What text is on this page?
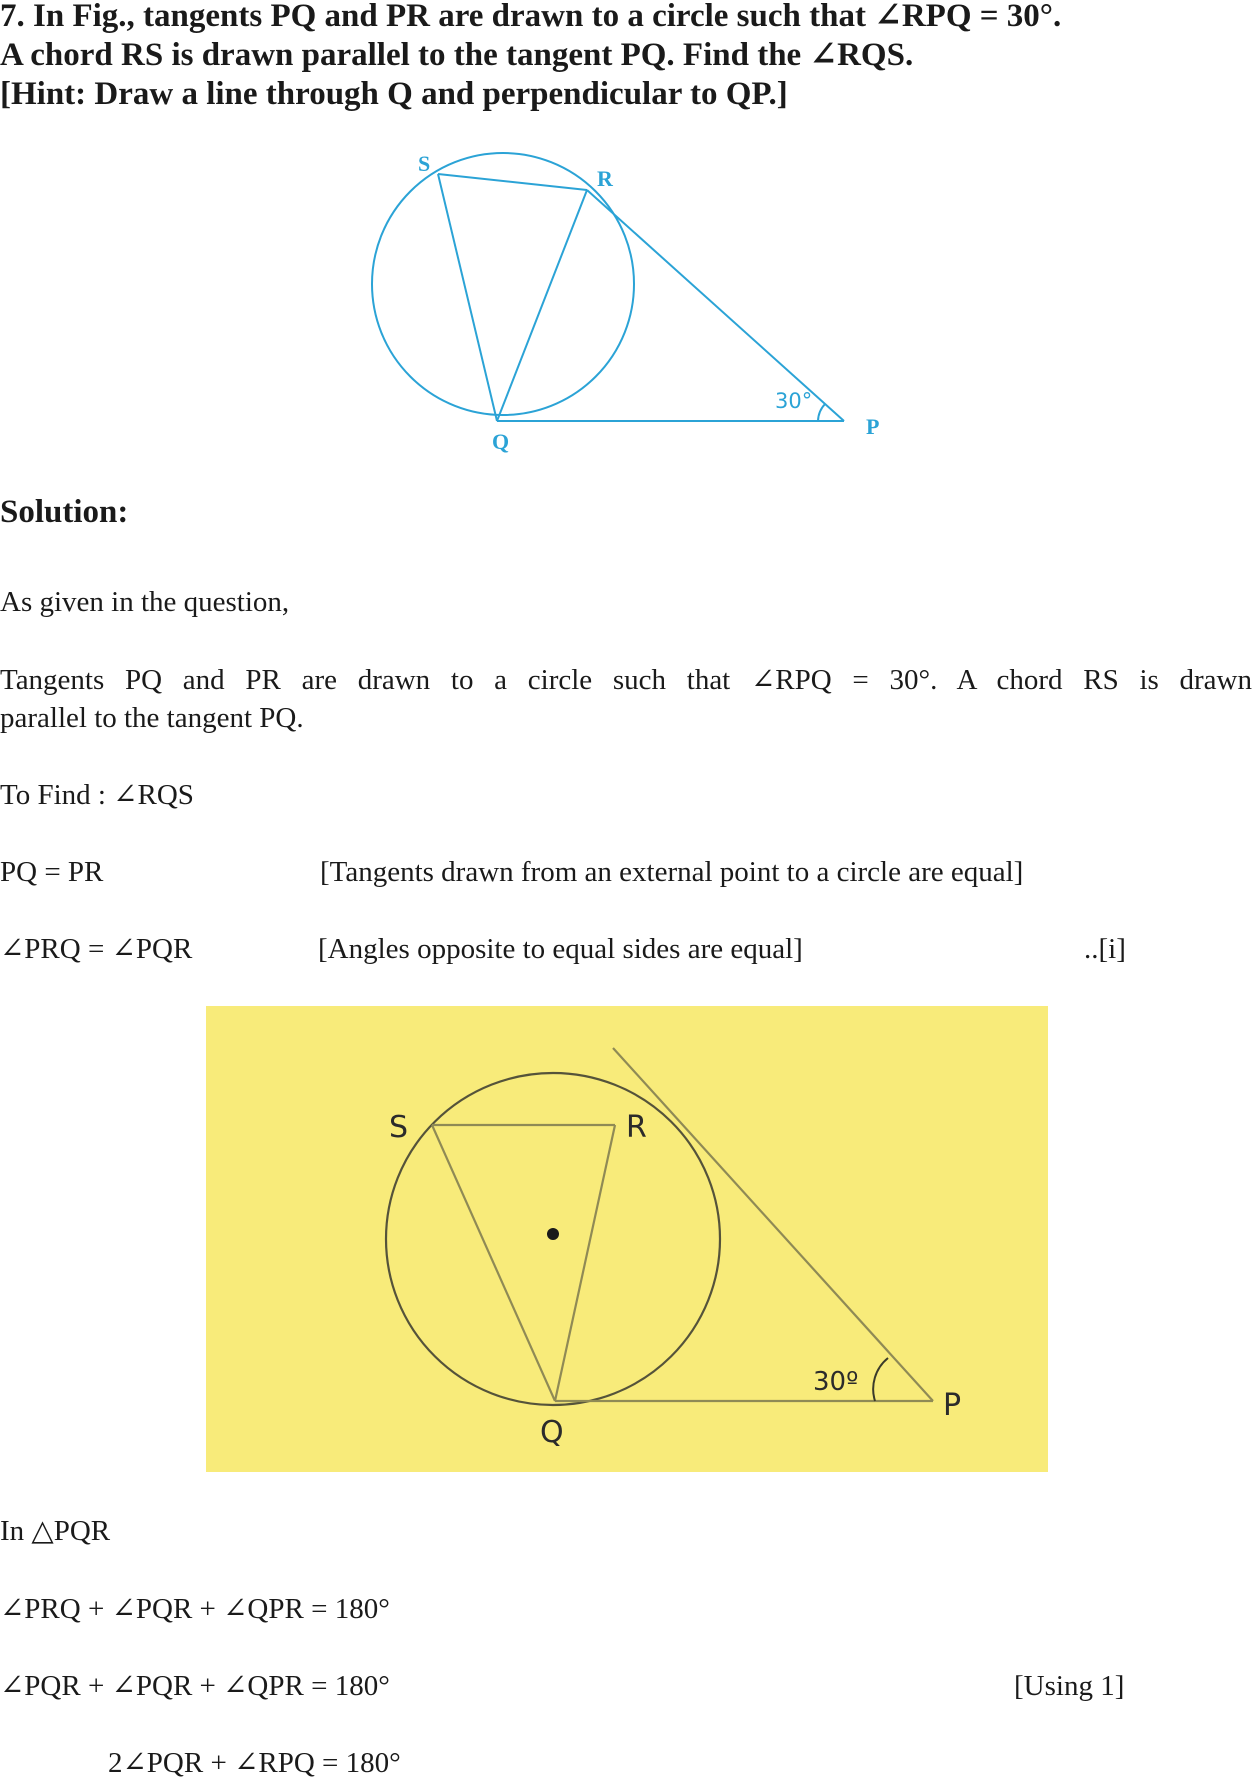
7. In Fig., tangents PQ and PR are drawn to a circle such that ∠RPQ = 30°.
A chord RS is drawn parallel to the tangent PQ. Find the ∠RQS.
[Hint: Draw a line through Q and perpendicular to QP.]
S
R
Q
P
30°
Solution:
As given in the question,
Tangents PQ and PR are drawn to a circle such that ∠RPQ = 30°. A chord RS is drawn
parallel to the tangent PQ.
To Find : ∠RQS
PQ = PR	[Tangents drawn from an external point to a circle are equal]
∠PRQ = ∠PQR	[Angles opposite to equal sides are equal]	..[i]
S	R
Q
P
30º
In △PQR
∠PRQ + ∠PQR + ∠QPR = 180°
∠PQR + ∠PQR + ∠QPR = 180°	[Using 1]
2∠PQR + ∠RPQ = 180°
